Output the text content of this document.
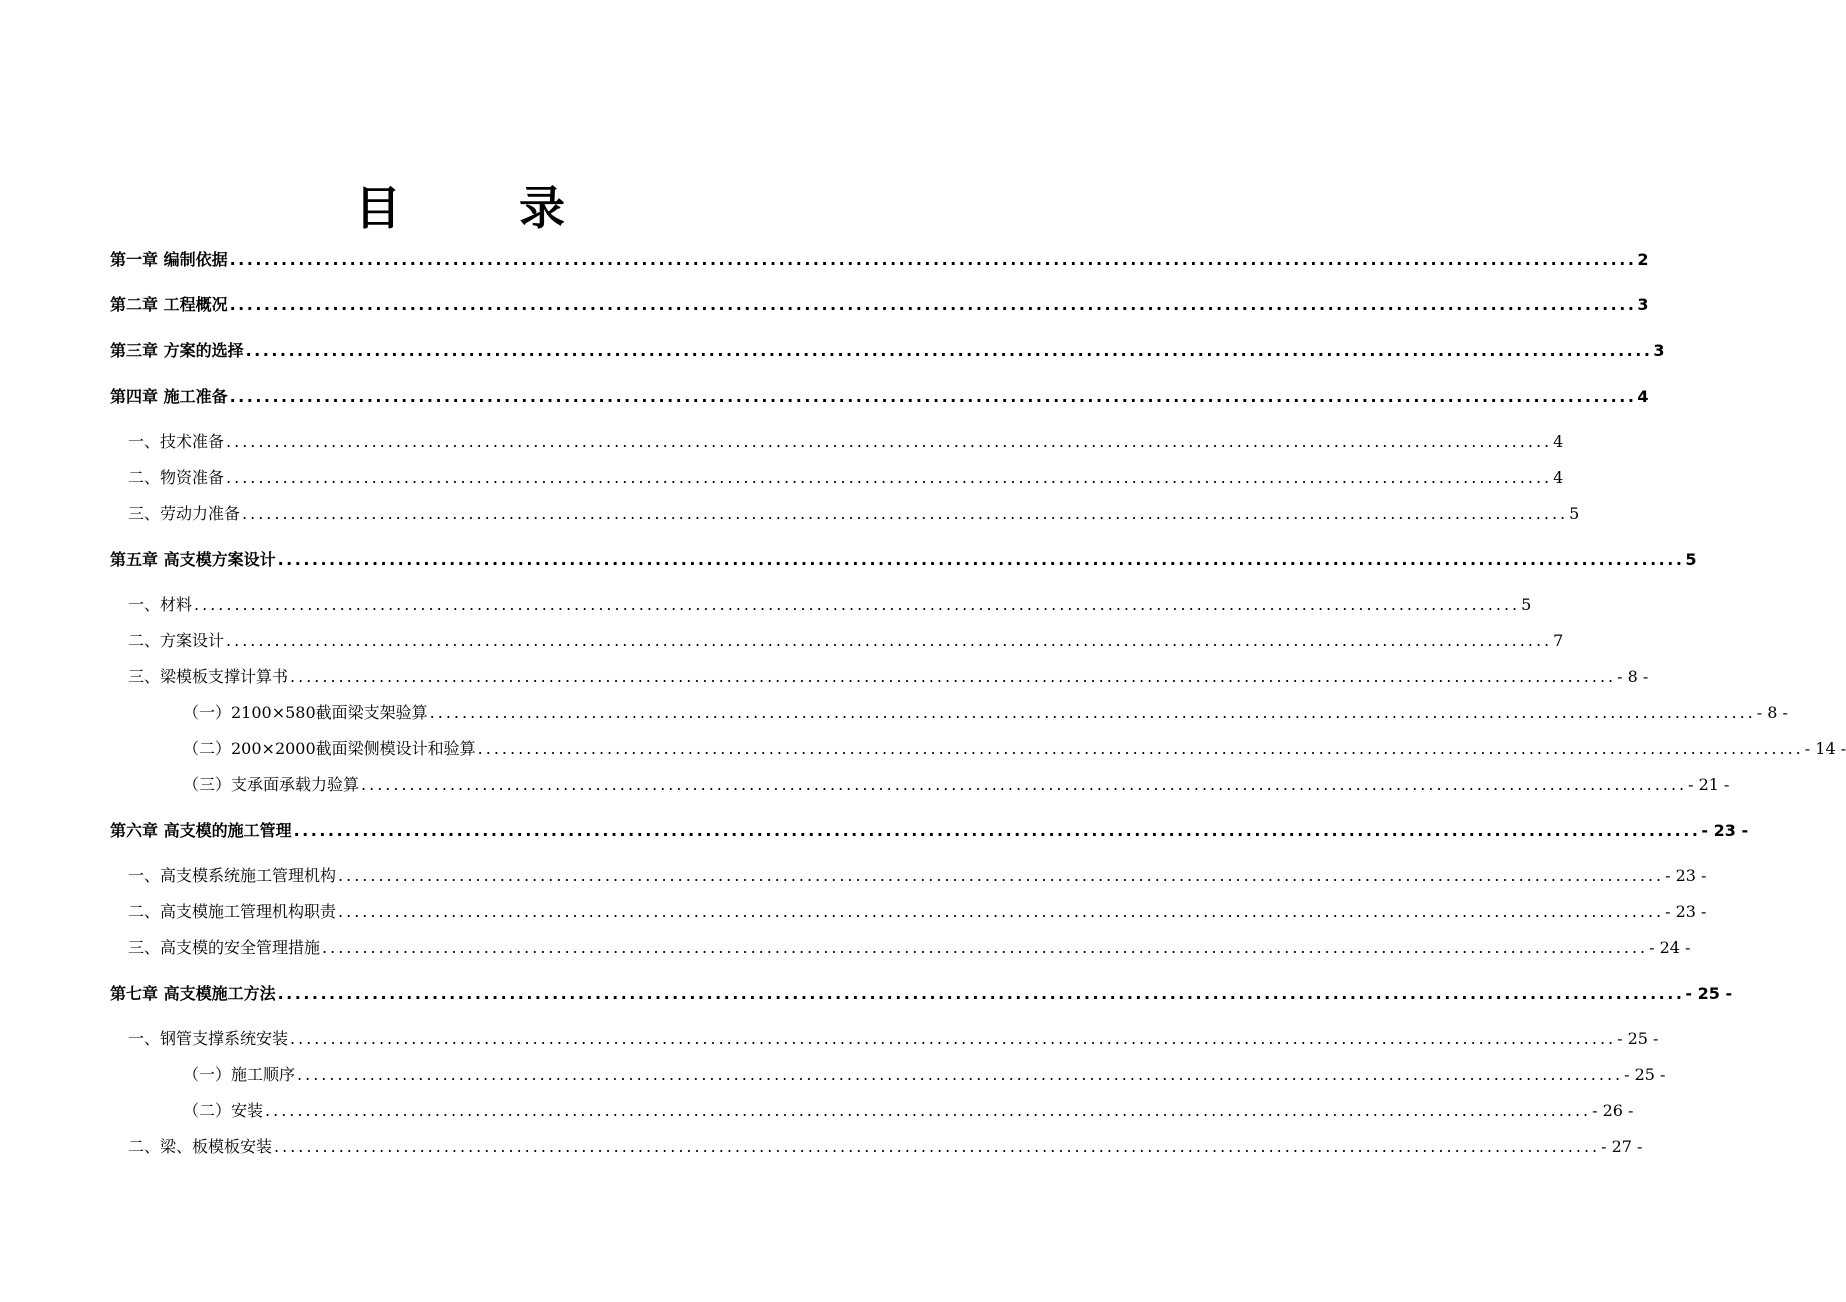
目	录
第一章 编制依据 .................................................................................................................................................................... 2
第二章 工程概况 .................................................................................................................................................................... 3
第三章 方案的选择 .................................................................................................................................................................... 3
第四章 施工准备 .................................................................................................................................................................... 4
一、技术准备 .................................................................................................................................................................... 4
二、物资准备 .................................................................................................................................................................... 4
三、劳动力准备 .................................................................................................................................................................... 5
第五章 高支模方案设计 .................................................................................................................................................................... 5
一、材料 .................................................................................................................................................................... 5
二、方案设计 .................................................................................................................................................................... 7
三、梁模板支撑计算书 .................................................................................................................................................................... - 8 -
（一）2100×580截面梁支架验算 .................................................................................................................................................................... - 8 -
（二）200×2000截面梁侧模设计和验算 .................................................................................................................................................................... - 14 -
（三）支承面承载力验算 .................................................................................................................................................................... - 21 -
第六章 高支模的施工管理 .................................................................................................................................................................... - 23 -
一、高支模系统施工管理机构 .................................................................................................................................................................... - 23 -
二、高支模施工管理机构职责 .................................................................................................................................................................... - 23 -
三、高支模的安全管理措施 .................................................................................................................................................................... - 24 -
第七章 高支模施工方法 .................................................................................................................................................................... - 25 -
一、钢管支撑系统安装 .................................................................................................................................................................... - 25 -
（一）施工顺序 .................................................................................................................................................................... - 25 -
（二）安装 .................................................................................................................................................................... - 26 -
二、梁、板模板安装 .................................................................................................................................................................... - 27 -
